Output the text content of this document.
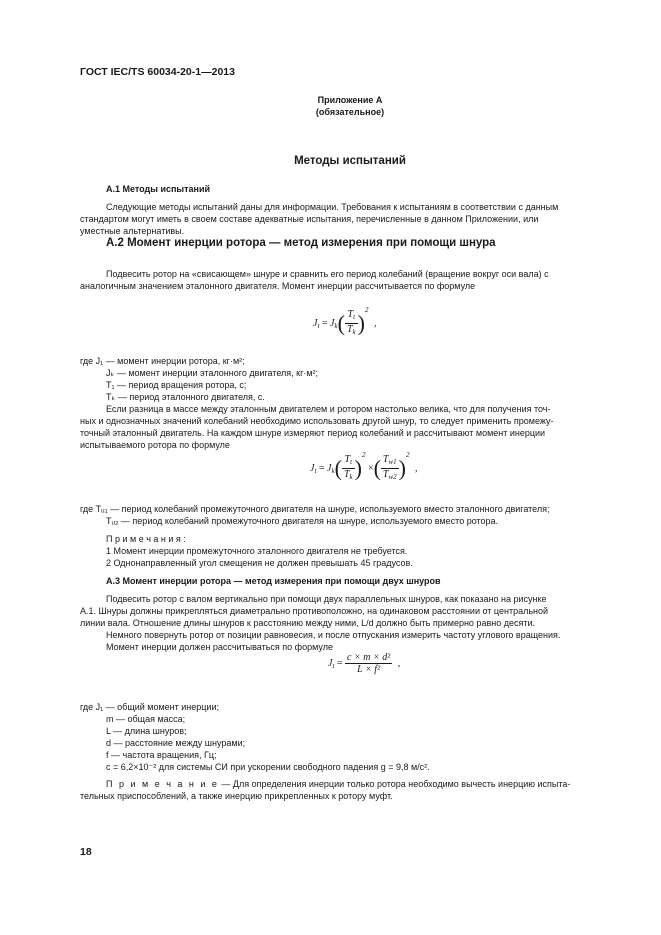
ГОСТ IEC/TS 60034-20-1—2013
Приложение А
(обязательное)
Методы испытаний
А.1 Методы испытаний
Следующие методы испытаний даны для информации. Требования к испытаниям в соответствии с данным
стандартом могут иметь в своем составе адекватные испытания, перечисленные в данном Приложении, или
уместные альтернативы.
А.2 Момент инерции ротора — метод измерения при помощи шнура
Подвесить ротор на «свисающем» шнуре и сравнить его период колебаний (вращение вокруг оси вала) с
аналогичным значением эталонного двигателя. Момент инерции рассчитывается по формуле
$J_t = J_k( \frac{T_t}{T_k} )^2$ ,
где J₁ — момент инерции ротора, кг·м²;
Jₖ — момент инерции эталонного двигателя, кг·м²;
T₁ — период вращения ротора, с;
Tₖ — период эталонного двигателя, с.
Если разница в массе между эталонным двигателем и ротором настолько велика, что для получения точ-
ных и однозначных значений колебаний необходимо использовать другой шнур, то следует применить промежу-
точный эталонный двигатель. На каждом шнуре измеряют период колебаний и рассчитывают момент инерции
испытываемого ротора по формуле
$J_t = J_k( \frac{T_t}{T_k} )^2$ ×( $\frac{T_{w1}}{T_{w2}} )^2$ ,
где Tᵤ₁ — период колебаний промежуточного двигателя на шнуре, используемого вместо эталонного двигателя;
Tᵤ₂ — период колебаний промежуточного двигателя на шнуре, используемого вместо ротора.
П р и м е ч а н и я :
1 Момент инерции промежуточного эталонного двигателя не требуется.
2 Однонаправленный угол смещения не должен превышать 45 градусов.
А.3 Момент инерции ротора — метод измерения при помощи двух шнуров
Подвесить ротор с валом вертикально при помощи двух параллельных шнуров, как показано на рисунке
А.1. Шнуры должны прикрепляться диаметрально противоположно, на одинаковом расстоянии от центральной
линии вала. Отношение длины шнуров к расстоянию между ними, L/d должно быть примерно равно десяти.
Немного повернуть ротор от позиции равновесия, и после отпускания измерить частоту углового вращения.
Момент инерции должен рассчитываться по формуле
$J_t = \frac{\text{c × m × d²}}{\text{L × f²}}$ ,
где J₁ — общий момент инерции;
m — общая масса;
L — длина шнуров;
d — расстояние между шнурами;
f — частота вращения, Гц;
c = 6,2×10⁻² для системы СИ при ускорении свободного падения g = 9,8 м/с².
П р и м е ч а н и е — Для определения инерции только ротора необходимо вычесть инерцию испыта-
тельных приспособлений, а также инерцию прикрепленных к ротору муфт.
18
